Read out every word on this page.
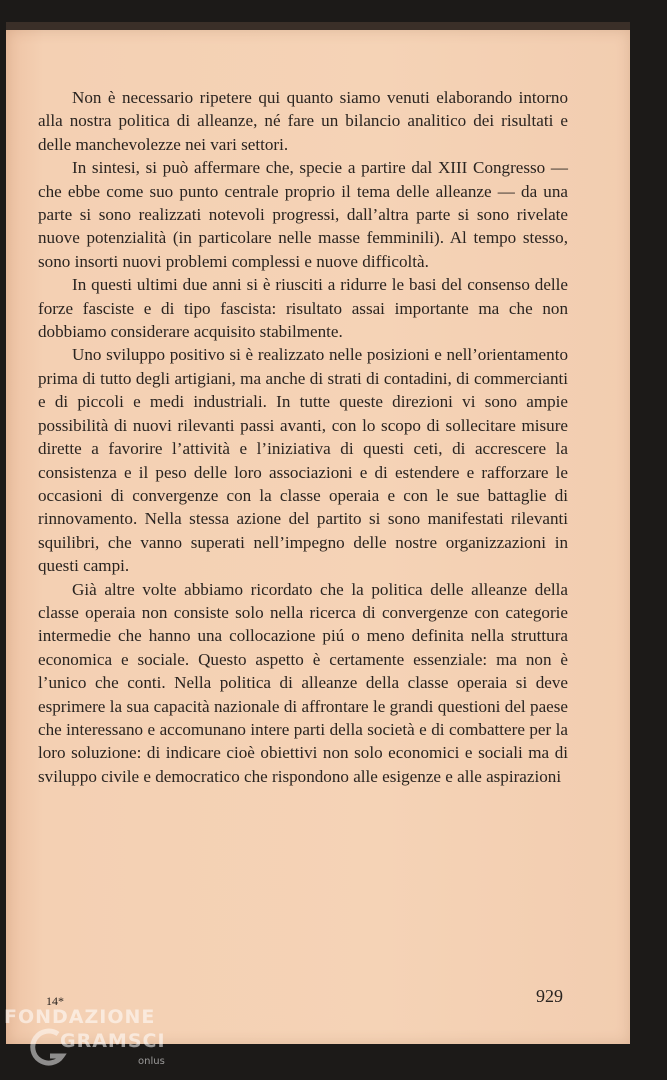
Non è necessario ripetere qui quanto siamo venuti elaborando intorno alla nostra politica di alleanze, né fare un bilancio analitico dei risultati e delle manchevolezze nei vari settori.

In sintesi, si può affermare che, specie a partire dal XIII Congresso — che ebbe come suo punto centrale proprio il tema delle alleanze — da una parte si sono realizzati notevoli progressi, dall’altra parte si sono rivelate nuove potenzialità (in particolare nelle masse femminili). Al tempo stesso, sono insorti nuovi problemi complessi e nuove difficoltà.

In questi ultimi due anni si è riusciti a ridurre le basi del consenso delle forze fasciste e di tipo fascista: risultato assai importante ma che non dobbiamo considerare acquisito stabilmente.

Uno sviluppo positivo si è realizzato nelle posizioni e nell’orientamento prima di tutto degli artigiani, ma anche di strati di contadini, di commercianti e di piccoli e medi industriali. In tutte queste direzioni vi sono ampie possibilità di nuovi rilevanti passi avanti, con lo scopo di sollecitare misure dirette a favorire l’attività e l’iniziativa di questi ceti, di accrescere la consistenza e il peso delle loro associazioni e di estendere e rafforzare le occasioni di convergenze con la classe operaia e con le sue battaglie di rinnovamento. Nella stessa azione del partito si sono manifestati rilevanti squilibri, che vanno superati nell’impegno delle nostre organizzazioni in questi campi.

Già altre volte abbiamo ricordato che la politica delle alleanze della classe operaia non consiste solo nella ricerca di convergenze con categorie intermedie che hanno una collocazione piú o meno definita nella struttura economica e sociale. Questo aspetto è certamente essenziale: ma non è l’unico che conti. Nella politica di alleanze della classe operaia si deve esprimere la sua capacità nazionale di affrontare le grandi questioni del paese che interessano e accomunano intere parti della società e di combattere per la loro soluzione: di indicare cioè obiettivi non solo economici e sociali ma di sviluppo civile e democratico che rispondono alle esigenze e alle aspirazioni

14*	929
FONDAZIONE
GRAMSCI
onlus
